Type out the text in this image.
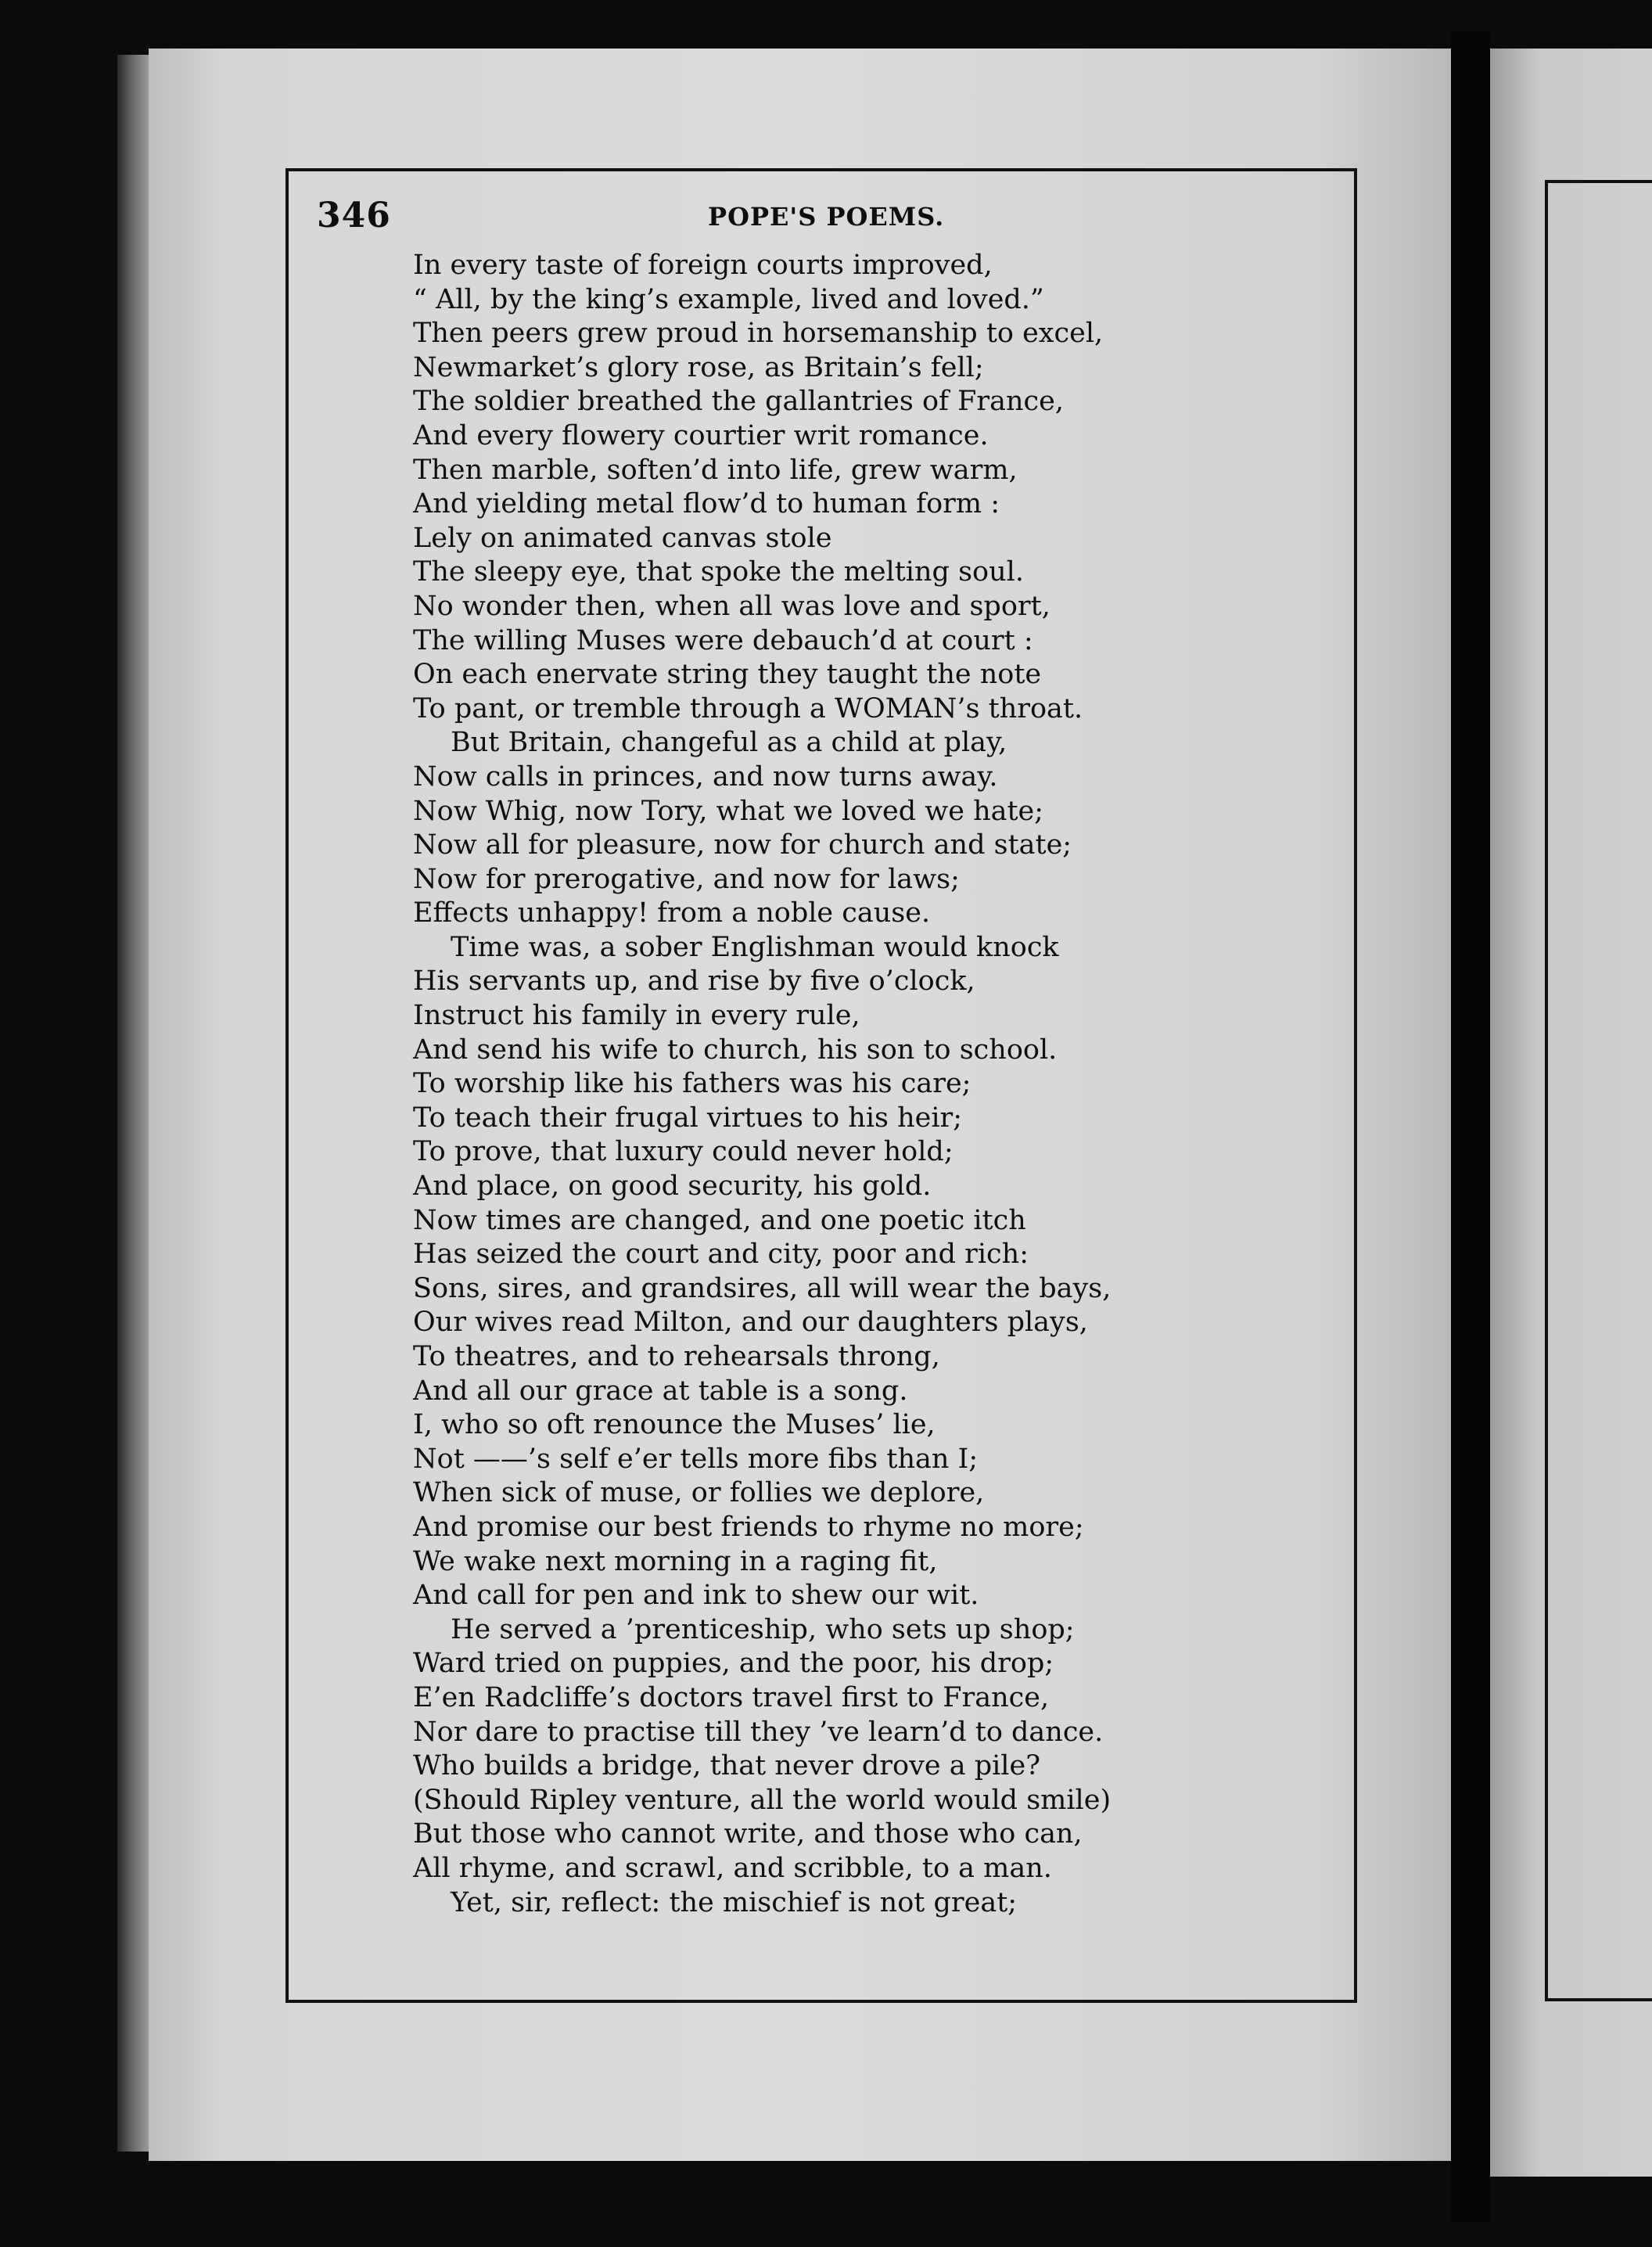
346	POPE'S POEMS.
In every taste of foreign courts improved,
“ All, by the king’s example, lived and loved.”
Then peers grew proud in horsemanship to excel,
Newmarket’s glory rose, as Britain’s fell;
The soldier breathed the gallantries of France,
And every flowery courtier writ romance.
Then marble, soften’d into life, grew warm,
And yielding metal flow’d to human form :
Lely on animated canvas stole
The sleepy eye, that spoke the melting soul.
No wonder then, when all was love and sport,
The willing Muses were debauch’d at court :
On each enervate string they taught the note
To pant, or tremble through a WOMAN’s throat.
But Britain, changeful as a child at play,
Now calls in princes, and now turns away.
Now Whig, now Tory, what we loved we hate;
Now all for pleasure, now for church and state;
Now for prerogative, and now for laws;
Effects unhappy! from a noble cause.
Time was, a sober Englishman would knock
His servants up, and rise by five o’clock,
Instruct his family in every rule,
And send his wife to church, his son to school.
To worship like his fathers was his care;
To teach their frugal virtues to his heir;
To prove, that luxury could never hold;
And place, on good security, his gold.
Now times are changed, and one poetic itch
Has seized the court and city, poor and rich:
Sons, sires, and grandsires, all will wear the bays,
Our wives read Milton, and our daughters plays,
To theatres, and to rehearsals throng,
And all our grace at table is a song.
I, who so oft renounce the Muses’ lie,
Not ——’s self e’er tells more fibs than I;
When sick of muse, or follies we deplore,
And promise our best friends to rhyme no more;
We wake next morning in a raging fit,
And call for pen and ink to shew our wit.
He served a ’prenticeship, who sets up shop;
Ward tried on puppies, and the poor, his drop;
E’en Radcliffe’s doctors travel first to France,
Nor dare to practise till they ’ve learn’d to dance.
Who builds a bridge, that never drove a pile?
(Should Ripley venture, all the world would smile)
But those who cannot write, and those who can,
All rhyme, and scrawl, and scribble, to a man.
Yet, sir, reflect: the mischief is not great;
